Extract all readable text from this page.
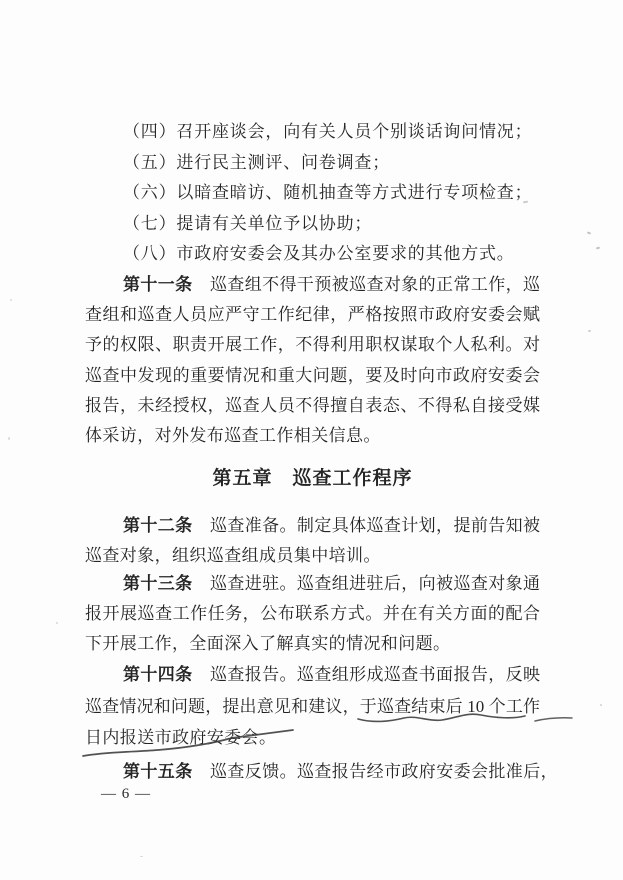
（四）召开座谈会，向有关人员个别谈话询问情况；
（五）进行民主测评、问卷调查；
（六）以暗查暗访、随机抽查等方式进行专项检查；
（七）提请有关单位予以协助；
（八）市政府安委会及其办公室要求的其他方式。
第十一条　巡查组不得干预被巡查对象的正常工作，巡
查组和巡查人员应严守工作纪律，严格按照市政府安委会赋
予的权限、职责开展工作，不得利用职权谋取个人私利。对
巡查中发现的重要情况和重大问题，要及时向市政府安委会
报告，未经授权，巡查人员不得擅自表态、不得私自接受媒
体采访，对外发布巡查工作相关信息。
第五章　巡查工作程序
第十二条　巡查准备。制定具体巡查计划，提前告知被
巡查对象，组织巡查组成员集中培训。
第十三条　巡查进驻。巡查组进驻后，向被巡查对象通
报开展巡查工作任务，公布联系方式。并在有关方面的配合
下开展工作，全面深入了解真实的情况和问题。
第十四条　巡查报告。巡查组形成巡查书面报告，反映
巡查情况和问题，提出意见和建议，于巡查结束后 10 个工作
日内报送市政府安委会。
第十五条　巡查反馈。巡查报告经市政府安委会批准后，
— 6 —
